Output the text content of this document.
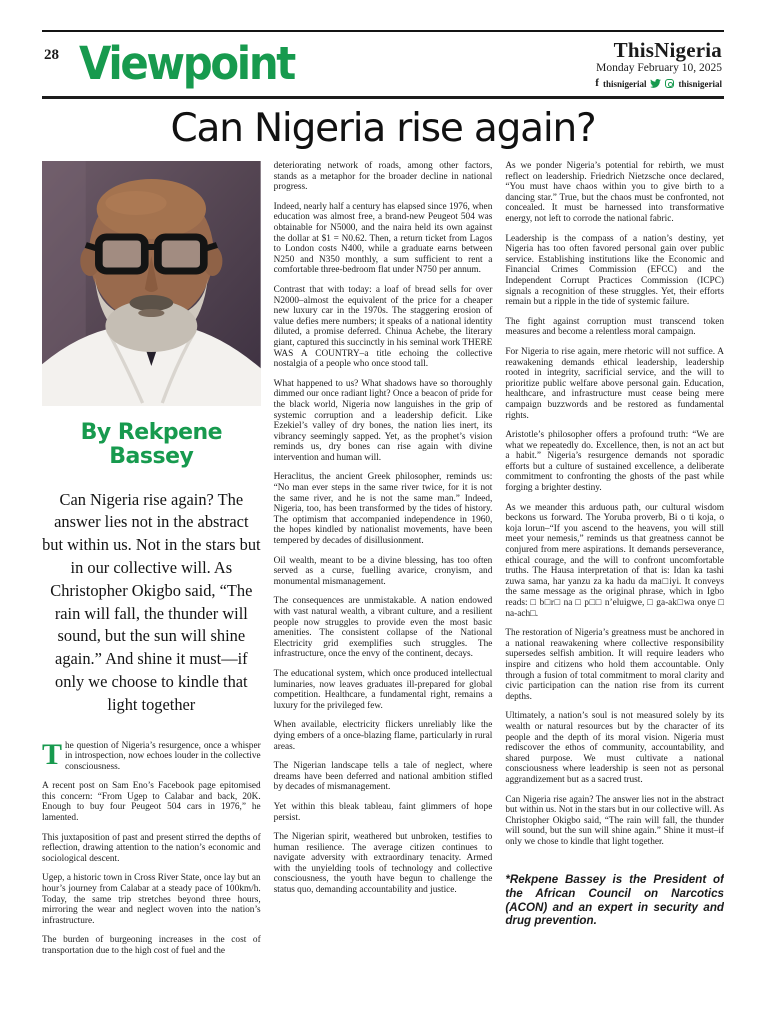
28 Viewpoint	ThisNigeria
Monday February 10, 2025
f thisnigerial	thisnigerial
Can Nigeria rise again?
By Rekpene Bassey
Can Nigeria rise again? The answer lies not in the abstract but within us. Not in the stars but in our collective will. As Christopher Okigbo said, “The rain will fall, the thunder will sound, but the sun will shine again.” And shine it must—if only we choose to kindle that light together

The question of Nigeria’s resurgence, once a whisper in introspection, now echoes louder in the collective consciousness.

A recent post on Sam Eno’s Facebook page epitomised this concern: “From Ugep to Calabar and back, 20K. Enough to buy four Peugeot 504 cars in 1976,” he lamented.

This juxtaposition of past and present stirred the depths of reflection, drawing attention to the nation’s economic and sociological descent.

Ugep, a historic town in Cross River State, once lay but an hour’s journey from Calabar at a steady pace of 100km/h. Today, the same trip stretches beyond three hours, mirroring the wear and neglect woven into the nation’s infrastructure.

The burden of burgeoning increases in the cost of transportation due to the high cost of fuel and the

deteriorating network of roads, among other factors, stands as a metaphor for the broader decline in national progress.

Indeed, nearly half a century has elapsed since 1976, when education was almost free, a brand-new Peugeot 504 was obtainable for N5000, and the naira held its own against the dollar at $1 = N0.62. Then, a return ticket from Lagos to London costs N400, while a graduate earns between N250 and N350 monthly, a sum sufficient to rent a comfortable three-bedroom flat under N750 per annum.

Contrast that with today: a loaf of bread sells for over N2000–almost the equivalent of the price for a cheaper new luxury car in the 1970s. The staggering erosion of value defies mere numbers; it speaks of a national identity diluted, a promise deferred. Chinua Achebe, the literary giant, captured this succinctly in his seminal work THERE WAS A COUNTRY–a title echoing the collective nostalgia of a people who once stood tall.

What happened to us? What shadows have so thoroughly dimmed our once radiant light? Once a beacon of pride for the black world, Nigeria now languishes in the grip of systemic corruption and a leadership deficit. Like Ezekiel’s valley of dry bones, the nation lies inert, its vibrancy seemingly sapped. Yet, as the prophet’s vision reminds us, dry bones can rise again with divine intervention and human will.

Heraclitus, the ancient Greek philosopher, reminds us: “No man ever steps in the same river twice, for it is not the same river, and he is not the same man.” Indeed, Nigeria, too, has been transformed by the tides of history. The optimism that accompanied independence in 1960, the hopes kindled by nationalist movements, have been tempered by decades of disillusionment.

Oil wealth, meant to be a divine blessing, has too often served as a curse, fuelling avarice, cronyism, and monumental mismanagement.

The consequences are unmistakable. A nation endowed with vast natural wealth, a vibrant culture, and a resilient people now struggles to provide even the most basic amenities. The consistent collapse of the National Electricity grid exemplifies such struggles. The infrastructure, once the envy of the continent, decays.

The educational system, which once produced intellectual luminaries, now leaves graduates ill-prepared for global competition. Healthcare, a fundamental right, remains a luxury for the privileged few.

When available, electricity flickers unreliably like the dying embers of a once-blazing flame, particularly in rural areas.

The Nigerian landscape tells a tale of neglect, where dreams have been deferred and national ambition stifled by decades of mismanagement.

Yet within this bleak tableau, faint glimmers of hope persist.

The Nigerian spirit, weathered but unbroken, testifies to human resilience. The average citizen continues to navigate adversity with extraordinary tenacity. Armed with the unyielding tools of technology and collective consciousness, the youth have begun to challenge the status quo, demanding accountability and justice.

As we ponder Nigeria’s potential for rebirth, we must reflect on leadership. Friedrich Nietzsche once declared, “You must have chaos within you to give birth to a dancing star.” True, but the chaos must be confronted, not concealed. It must be harnessed into transformative energy, not left to corrode the national fabric.

Leadership is the compass of a nation’s destiny, yet Nigeria has too often favored personal gain over public service. Establishing institutions like the Economic and Financial Crimes Commission (EFCC) and the Independent Corrupt Practices Commission (ICPC) signals a recognition of these struggles. Yet, their efforts remain but a ripple in the tide of systemic failure.

The fight against corruption must transcend token measures and become a relentless moral campaign.

For Nigeria to rise again, mere rhetoric will not suffice. A reawakening demands ethical leadership, leadership rooted in integrity, sacrificial service, and the will to prioritize public welfare above personal gain. Education, healthcare, and infrastructure must cease being mere campaign buzzwords and be restored as fundamental rights.

Aristotle’s philosopher offers a profound truth: “We are what we repeatedly do. Excellence, then, is not an act but a habit.” Nigeria’s resurgence demands not sporadic efforts but a culture of sustained excellence, a deliberate commitment to confronting the ghosts of the past while forging a brighter destiny.

As we meander this arduous path, our cultural wisdom beckons us forward. The Yoruba proverb, Bi o ti koja, o koja lorun–“If you ascend to the heavens, you will still meet your nemesis,” reminds us that greatness cannot be conjured from mere aspirations. It demands perseverance, ethical courage, and the will to confront uncomfortable truths. The Hausa interpretation of that is: Idan ka tashi zuwa sama, har yanzu za ka hadu da ma□iyi. It conveys the same message as the original phrase, which in Igbo reads: □ b□r□ na □ p□□ n’eluigwe, □ ga-ak□wa onye □ na-ach□.

The restoration of Nigeria’s greatness must be anchored in a national reawakening where collective responsibility supersedes selfish ambition. It will require leaders who inspire and citizens who hold them accountable. Only through a fusion of total commitment to moral clarity and civic participation can the nation rise from its current depths.

Ultimately, a nation’s soul is not measured solely by its wealth or natural resources but by the character of its people and the depth of its moral vision. Nigeria must rediscover the ethos of community, accountability, and shared purpose. We must cultivate a national consciousness where leadership is seen not as personal aggrandizement but as a sacred trust.

Can Nigeria rise again? The answer lies not in the abstract but within us. Not in the stars but in our collective will. As Christopher Okigbo said, “The rain will fall, the thunder will sound, but the sun will shine again.” Shine it must–if only we chose to kindle that light together.

*Rekpene Bassey is the President of the African Council on Narcotics (ACON) and an expert in security and drug prevention.
